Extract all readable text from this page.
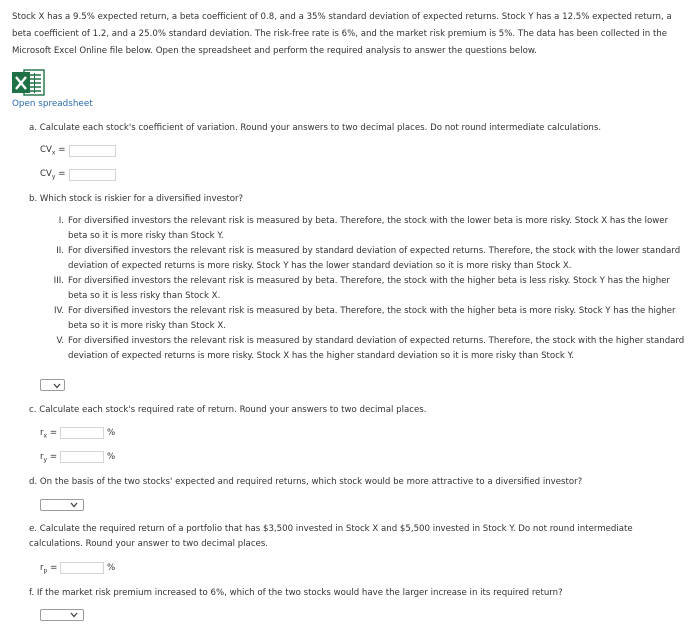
Stock X has a 9.5% expected return, a beta coefficient of 0.8, and a 35% standard deviation of expected returns. Stock Y has a 12.5% expected return, a beta coefficient of 1.2, and a 25.0% standard deviation. The risk-free rate is 6%, and the market risk premium is 5%. The data has been collected in the Microsoft Excel Online file below. Open the spreadsheet and perform the required analysis to answer the questions below.
Open spreadsheet
a. Calculate each stock's coefficient of variation. Round your answers to two decimal places. Do not round intermediate calculations.
$CV_x$ =
$CV_y$ =
b. Which stock is riskier for a diversified investor?
I. For diversified investors the relevant risk is measured by beta. Therefore, the stock with the lower beta is more risky. Stock X has the lower beta so it is more risky than Stock Y.
II. For diversified investors the relevant risk is measured by standard deviation of expected returns. Therefore, the stock with the lower standard deviation of expected returns is more risky. Stock Y has the lower standard deviation so it is more risky than Stock X.
III. For diversified investors the relevant risk is measured by beta. Therefore, the stock with the higher beta is less risky. Stock Y has the higher beta so it is less risky than Stock X.
IV. For diversified investors the relevant risk is measured by beta. Therefore, the stock with the higher beta is more risky. Stock Y has the higher beta so it is more risky than Stock X.
V. For diversified investors the relevant risk is measured by standard deviation of expected returns. Therefore, the stock with the higher standard deviation of expected returns is more risky. Stock X has the higher standard deviation so it is more risky than Stock Y.
c. Calculate each stock's required rate of return. Round your answers to two decimal places.
$r_x$ =	%
$r_y$ =	%
d. On the basis of the two stocks' expected and required returns, which stock would be more attractive to a diversified investor?
e. Calculate the required return of a portfolio that has $3,500 invested in Stock X and $5,500 invested in Stock Y. Do not round intermediate calculations. Round your answer to two decimal places.
$r_p$ =	%
f. If the market risk premium increased to 6%, which of the two stocks would have the larger increase in its required return?
